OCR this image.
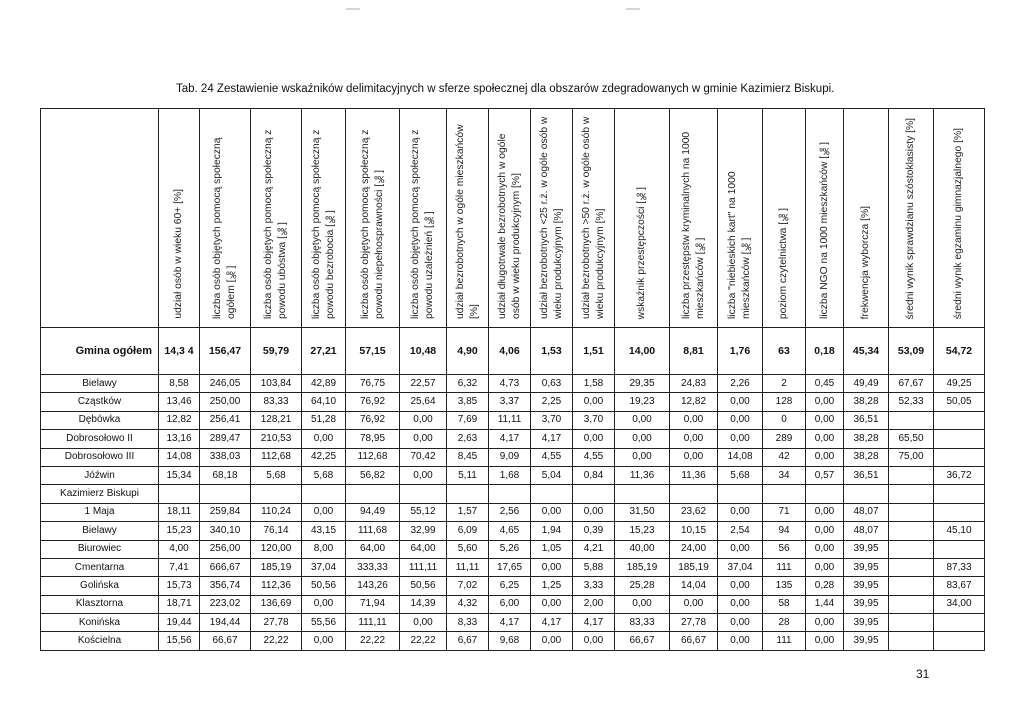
Tab. 24 Zestawienie wskaźników delimitacyjnych w sferze społecznej dla obszarów zdegradowanych w gminie Kazimierz Biskupi.

	udział osób w wieku 60+ [%]	liczba osób objętych pomocą społeczną ogółem [‰]	liczba osób objętych pomocą społeczną z powodu ubóstwa [‰]	liczba osób objętych pomocą społeczną z powodu bezrobocia [‰]	liczba osób objętych pomocą społeczną z powodu niepełnosprawności [‰]	liczba osób objętych pomocą społeczną z powodu uzależnień [‰]	udział bezrobotnych w ogóle mieszkańców [%]	udział długotrwale bezrobotnych w ogóle osób w wieku produkcyjnym [%]	udział bezrobotnych <25 r.ż. w ogóle osób w wieku produkcyjnym [%]	udział bezrobotnych >50 r.ż. w ogóle osób w wieku produkcyjnym [%]	wskaźnik przestępczości [‰]	liczba przestępstw kryminalnych na 1000 mieszkańców [‰]	liczba "niebieskich kart" na 1000 mieszkańców [‰]	poziom czytelnictwa [‰]	liczba NGO na 1000 mieszkańców [‰]	frekwencja wyborcza [%]	średni wynik sprawdzianu szóstoklasisty [%]	średni wynik egzaminu gimnazjalnego [%]

Gmina ogółem	14,3 4	156,47	59,79	27,21	57,15	10,48	4,90	4,06	1,53	1,51	14,00	8,81	1,76	63	0,18	45,34	53,09	54,72
Bielawy	8,58	246,05	103,84	42,89	76,75	22,57	6,32	4,73	0,63	1,58	29,35	24,83	2,26	2	0,45	49,49	67,67	49,25
Cząstków	13,46	250,00	83,33	64,10	76,92	25,64	3,85	3,37	2,25	0,00	19,23	12,82	0,00	128	0,00	38,28	52,33	50,05
Dębówka	12,82	256,41	128,21	51,28	76,92	0,00	7,69	11,11	3,70	3,70	0,00	0,00	0,00	0	0,00	36,51		
Dobrosołowo II	13,16	289,47	210,53	0,00	78,95	0,00	2,63	4,17	4,17	0,00	0,00	0,00	0,00	289	0,00	38,28	65,50	
Dobrosołowo III	14,08	338,03	112,68	42,25	112,68	70,42	8,45	9,09	4,55	4,55	0,00	0,00	14,08	42	0,00	38,28	75,00	
Jóźwin	15,34	68,18	5,68	5,68	56,82	0,00	5,11	1,68	5,04	0,84	11,36	11,36	5,68	34	0,57	36,51		36,72
Kazimierz Biskupi																		
1 Maja	18,11	259,84	110,24	0,00	94,49	55,12	1,57	2,56	0,00	0,00	31,50	23,62	0,00	71	0,00	48,07		
Bielawy	15,23	340,10	76,14	43,15	111,68	32,99	6,09	4,65	1,94	0,39	15,23	10,15	2,54	94	0,00	48,07		45,10
Biurowiec	4,00	256,00	120,00	8,00	64,00	64,00	5,60	5,26	1,05	4,21	40,00	24,00	0,00	56	0,00	39,95		
Cmentarna	7,41	666,67	185,19	37,04	333,33	111,11	11,11	17,65	0,00	5,88	185,19	185,19	37,04	111	0,00	39,95		87,33
Golińska	15,73	356,74	112,36	50,56	143,26	50,56	7,02	6,25	1,25	3,33	25,28	14,04	0,00	135	0,28	39,95		83,67
Klasztorna	18,71	223,02	136,69	0,00	71,94	14,39	4,32	6,00	0,00	2,00	0,00	0,00	0,00	58	1,44	39,95		34,00
Konińska	19,44	194,44	27,78	55,56	111,11	0,00	8,33	4,17	4,17	4,17	83,33	27,78	0,00	28	0,00	39,95		
Kościelna	15,56	66,67	22,22	0,00	22,22	22,22	6,67	9,68	0,00	0,00	66,67	66,67	0,00	111	0,00	39,95		
31
